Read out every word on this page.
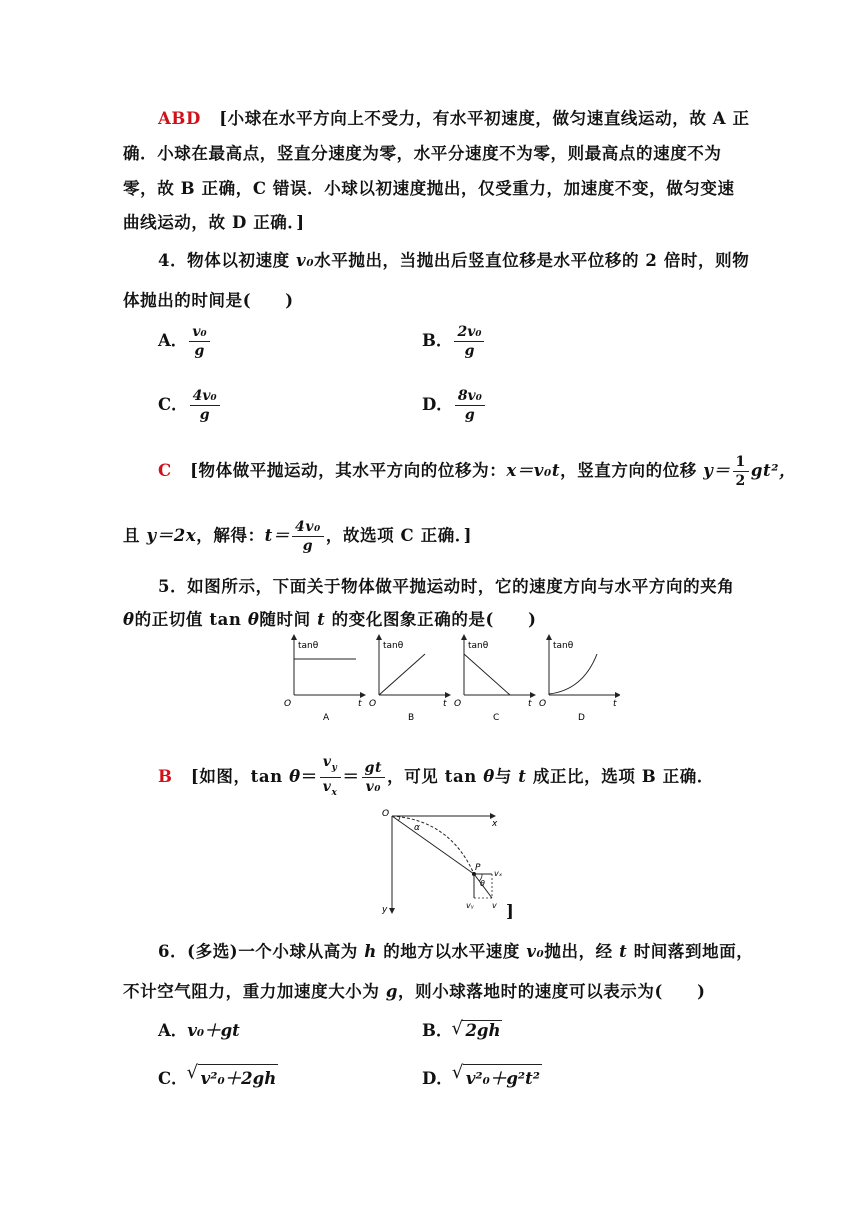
ABD [小球在水平方向上不受力，有水平初速度，做匀速直线运动，故 A 正
确．小球在最高点，竖直分速度为零，水平分速度不为零，则最高点的速度不为
零，故 B 正确，C 错误．小球以初速度抛出，仅受重力，加速度不变，做匀变速
曲线运动，故 D 正确．]
4．物体以初速度 v₀水平抛出，当抛出后竖直位移是水平位移的 2 倍时，则物
体抛出的时间是(　　)
A． $\frac{\text{v₀}}{g}$	B． $\frac{\text{2v₀}}{g}$
C． $\frac{\text{4v₀}}{g}$	D． $\frac{\text{8v₀}}{g}$
C [物体做平抛运动，其水平方向的位移为：x＝v₀t，竖直方向的位移 $y= \frac{1}{2} gt^2$，
且 y＝2x，解得：$t= \frac{\text{4v₀}}{g}$ ，故选项 C 正确．]
5．如图所示，下面关于物体做平抛运动时，它的速度方向与水平方向的夹角
θ的正切值 tan θ随时间 t 的变化图象正确的是(　　)
tanθ
O	t
A
tanθ
O	t
B
tanθ
O	t
C
tanθ
O	t
D
B [如图，$\tan \theta= \frac{v_y}{v_x} = \frac{gt}{\text{v₀}}$ ，可见 tan θ与 t 成正比，选项 B 正确．
O
x
y
α
P
θ
vₓ
vᵧ v ]
6．(多选)一个小球从高为 h 的地方以水平速度 v₀抛出，经 t 时间落到地面，
不计空气阻力，重力加速度大小为 g，则小球落地时的速度可以表示为(　　)
A．v₀＋gt	B． √ 2gh
C． √ v²₀＋2gh	D． √ v²₀＋g²t²
